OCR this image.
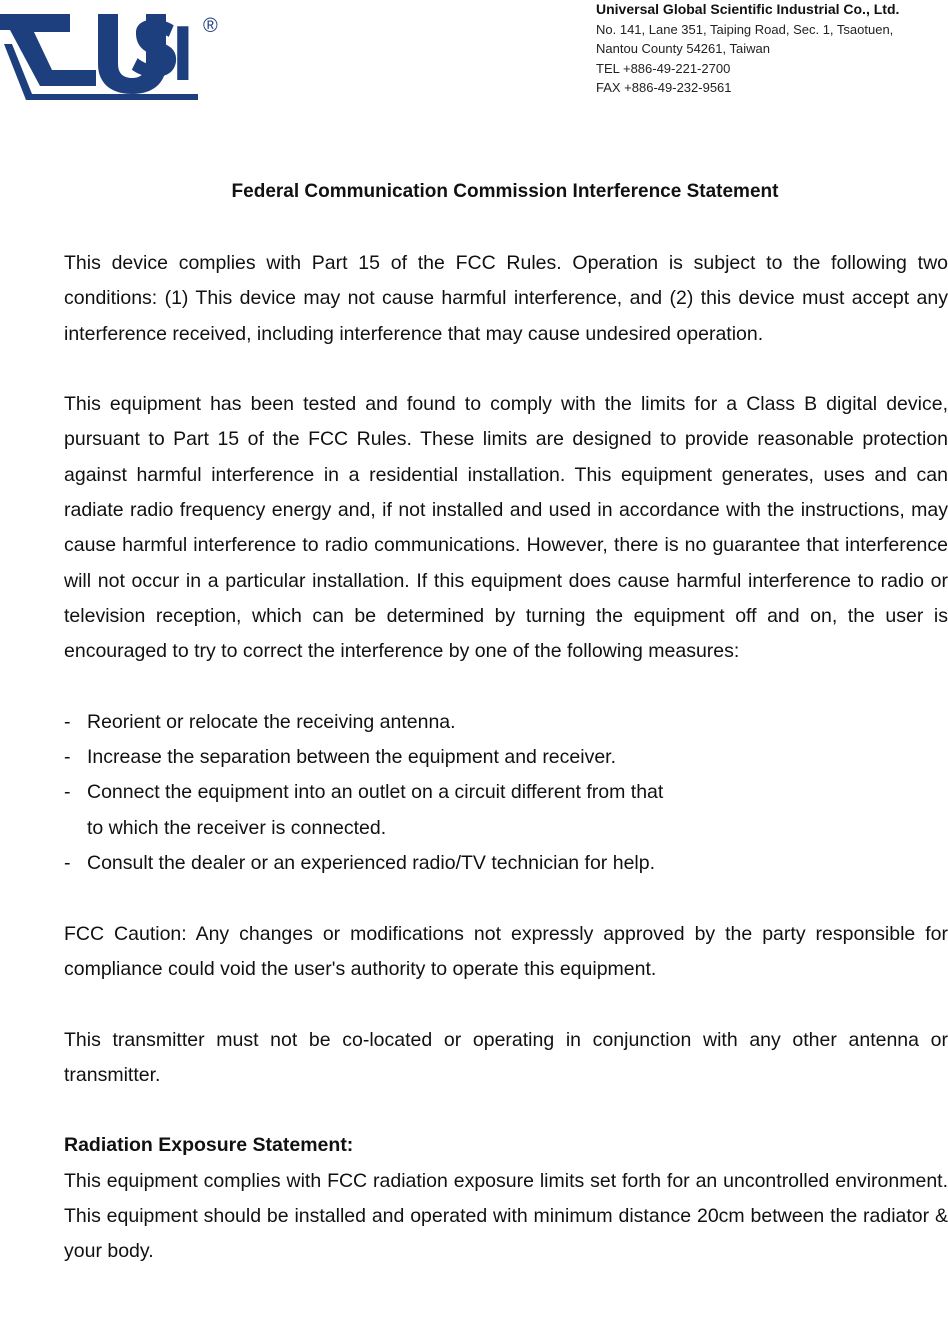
I ®
Universal Global Scientific Industrial Co., Ltd.
No. 141, Lane 351, Taiping Road, Sec. 1, Tsaotuen,
Nantou County 54261, Taiwan
TEL +886-49-221-2700
FAX +886-49-232-9561
Federal Communication Commission Interference Statement

This device complies with Part 15 of the FCC Rules. Operation is subject to the following two conditions: (1) This device may not cause harmful interference, and (2) this device must accept any interference received, including interference that may cause undesired operation.

This equipment has been tested and found to comply with the limits for a Class B digital device, pursuant to Part 15 of the FCC Rules. These limits are designed to provide reasonable protection against harmful interference in a residential installation. This equipment generates, uses and can radiate radio frequency energy and, if not installed and used in accordance with the instructions, may cause harmful interference to radio communications. However, there is no guarantee that interference will not occur in a particular installation. If this equipment does cause harmful interference to radio or television reception, which can be determined by turning the equipment off and on, the user is encouraged to try to correct the interference by one of the following measures:

- Reorient or relocate the receiving antenna.
- Increase the separation between the equipment and receiver.
- Connect the equipment into an outlet on a circuit different from that
to which the receiver is connected.
- Consult the dealer or an experienced radio/TV technician for help.

FCC Caution: Any changes or modifications not expressly approved by the party responsible for compliance could void the user's authority to operate this equipment.

This transmitter must not be co-located or operating in conjunction with any other antenna or transmitter.

Radiation Exposure Statement:

This equipment complies with FCC radiation exposure limits set forth for an uncontrolled environment. This equipment should be installed and operated with minimum distance 20cm between the radiator & your body.
